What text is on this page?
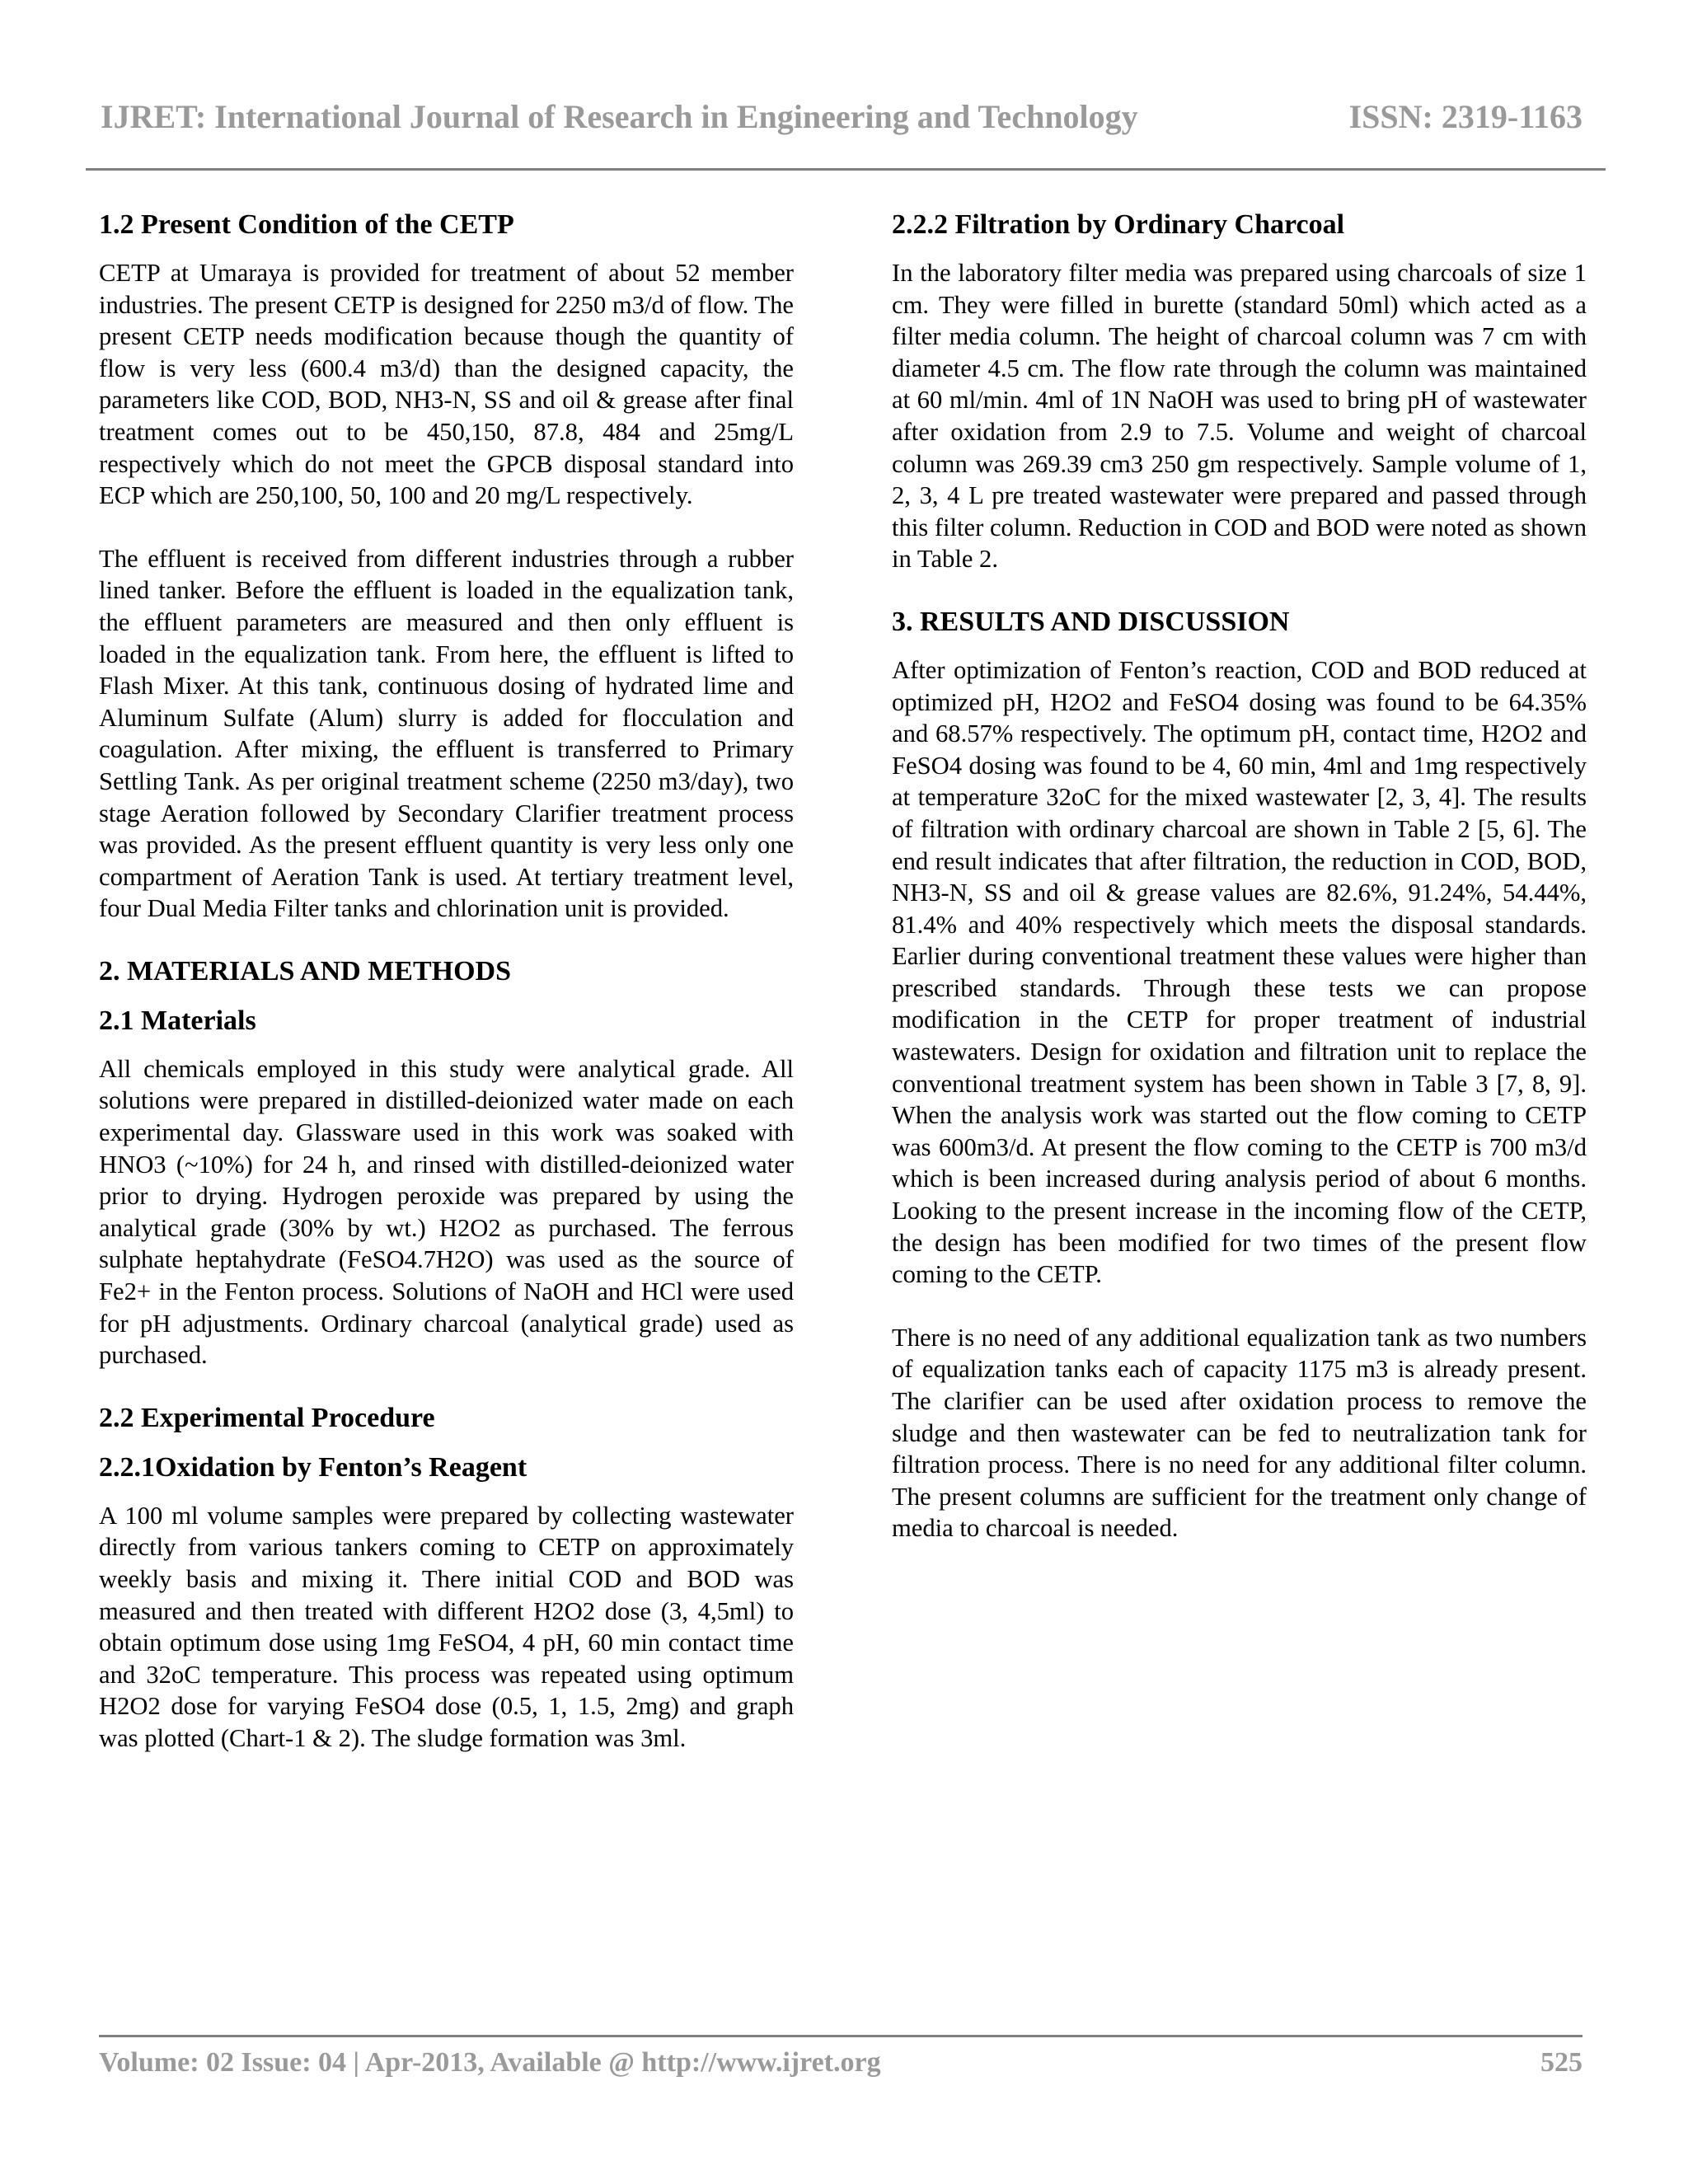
IJRET: International Journal of Research in Engineering and Technology	ISSN: 2319-1163
1.2 Present Condition of the CETP

CETP at Umaraya is provided for treatment of about 52 member industries. The present CETP is designed for 2250 m3/d of flow. The present CETP needs modification because though the quantity of flow is very less (600.4 m3/d) than the designed capacity, the parameters like COD, BOD, NH3-N, SS and oil & grease after final treatment comes out to be 450,150, 87.8, 484 and 25mg/L respectively which do not meet the GPCB disposal standard into ECP which are 250,100, 50, 100 and 20 mg/L respectively.

The effluent is received from different industries through a rubber lined tanker. Before the effluent is loaded in the equalization tank, the effluent parameters are measured and then only effluent is loaded in the equalization tank. From here, the effluent is lifted to Flash Mixer. At this tank, continuous dosing of hydrated lime and Aluminum Sulfate (Alum) slurry is added for flocculation and coagulation. After mixing, the effluent is transferred to Primary Settling Tank. As per original treatment scheme (2250 m3/day), two stage Aeration followed by Secondary Clarifier treatment process was provided. As the present effluent quantity is very less only one compartment of Aeration Tank is used. At tertiary treatment level, four Dual Media Filter tanks and chlorination unit is provided.

2. MATERIALS AND METHODS
2.1 Materials

All chemicals employed in this study were analytical grade. All solutions were prepared in distilled-deionized water made on each experimental day. Glassware used in this work was soaked with HNO3 (~10%) for 24 h, and rinsed with distilled-deionized water prior to drying. Hydrogen peroxide was prepared by using the analytical grade (30% by wt.) H2O2 as purchased. The ferrous sulphate heptahydrate (FeSO4.7H2O) was used as the source of Fe2+ in the Fenton process. Solutions of NaOH and HCl were used for pH adjustments. Ordinary charcoal (analytical grade) used as purchased.

2.2 Experimental Procedure
2.2.1Oxidation by Fenton’s Reagent

A 100 ml volume samples were prepared by collecting wastewater directly from various tankers coming to CETP on approximately weekly basis and mixing it. There initial COD and BOD was measured and then treated with different H2O2 dose (3, 4,5ml) to obtain optimum dose using 1mg FeSO4, 4 pH, 60 min contact time and 32oC temperature. This process was repeated using optimum H2O2 dose for varying FeSO4 dose (0.5, 1, 1.5, 2mg) and graph was plotted (Chart-1 & 2). The sludge formation was 3ml.

2.2.2 Filtration by Ordinary Charcoal

In the laboratory filter media was prepared using charcoals of size 1 cm. They were filled in burette (standard 50ml) which acted as a filter media column. The height of charcoal column was 7 cm with diameter 4.5 cm. The flow rate through the column was maintained at 60 ml/min. 4ml of 1N NaOH was used to bring pH of wastewater after oxidation from 2.9 to 7.5. Volume and weight of charcoal column was 269.39 cm3 250 gm respectively. Sample volume of 1, 2, 3, 4 L pre treated wastewater were prepared and passed through this filter column. Reduction in COD and BOD were noted as shown in Table 2.

3. RESULTS AND DISCUSSION

After optimization of Fenton’s reaction, COD and BOD reduced at optimized pH, H2O2 and FeSO4 dosing was found to be 64.35% and 68.57% respectively. The optimum pH, contact time, H2O2 and FeSO4 dosing was found to be 4, 60 min, 4ml and 1mg respectively at temperature 32oC for the mixed wastewater [2, 3, 4]. The results of filtration with ordinary charcoal are shown in Table 2 [5, 6]. The end result indicates that after filtration, the reduction in COD, BOD, NH3-N, SS and oil & grease values are 82.6%, 91.24%, 54.44%, 81.4% and 40% respectively which meets the disposal standards. Earlier during conventional treatment these values were higher than prescribed standards. Through these tests we can propose modification in the CETP for proper treatment of industrial wastewaters. Design for oxidation and filtration unit to replace the conventional treatment system has been shown in Table 3 [7, 8, 9]. When the analysis work was started out the flow coming to CETP was 600m3/d. At present the flow coming to the CETP is 700 m3/d which is been increased during analysis period of about 6 months. Looking to the present increase in the incoming flow of the CETP, the design has been modified for two times of the present flow coming to the CETP.

There is no need of any additional equalization tank as two numbers of equalization tanks each of capacity 1175 m3 is already present. The clarifier can be used after oxidation process to remove the sludge and then wastewater can be fed to neutralization tank for filtration process. There is no need for any additional filter column. The present columns are sufficient for the treatment only change of media to charcoal is needed.

Volume: 02 Issue: 04 | Apr-2013, Available @ http://www.ijret.org	525
